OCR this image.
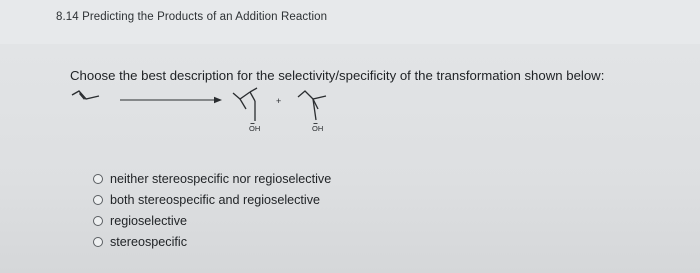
8.14 Predicting the Products of an Addition Reaction
Choose the best description for the selectivity/specificity of the transformation shown below:
OH
+
OH
neither stereospecific nor regioselective
both stereospecific and regioselective
regioselective
stereospecific
